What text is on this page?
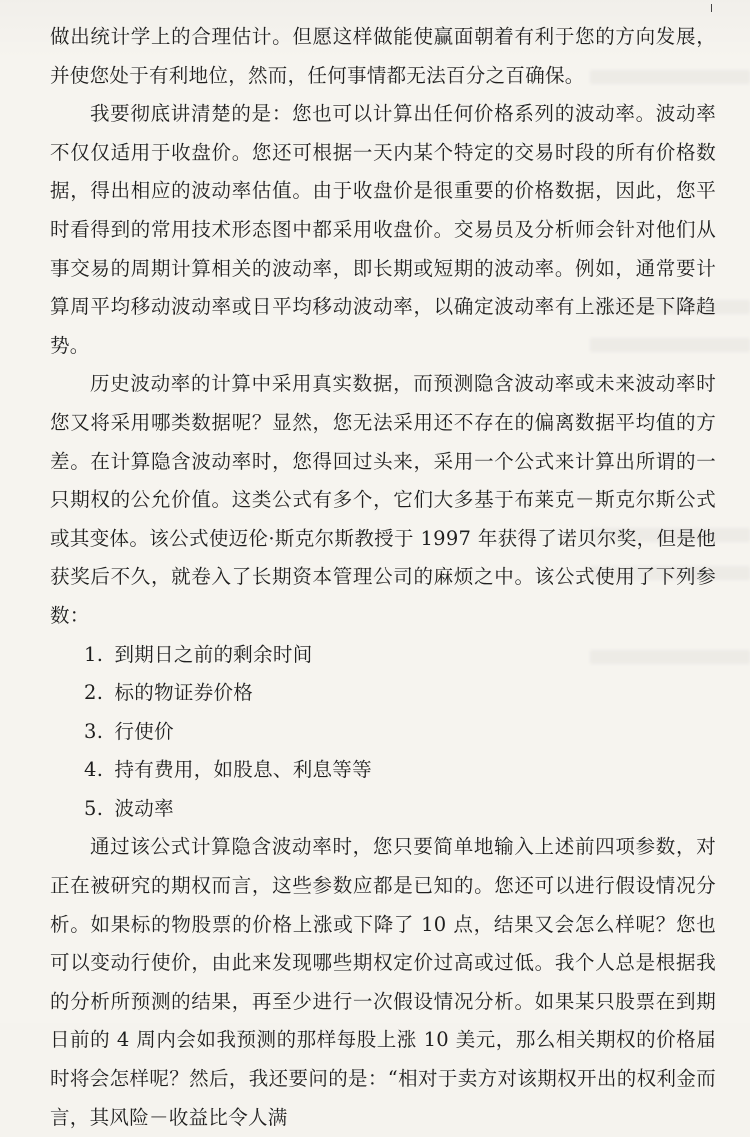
做出统计学上的合理估计。但愿这样做能使赢面朝着有利于您的方向发展，并使您处于有利地位，然而，任何事情都无法百分之百确保。

我要彻底讲清楚的是：您也可以计算出任何价格系列的波动率。波动率不仅仅适用于收盘价。您还可根据一天内某个特定的交易时段的所有价格数据，得出相应的波动率估值。由于收盘价是很重要的价格数据，因此，您平时看得到的常用技术形态图中都采用收盘价。交易员及分析师会针对他们从事交易的周期计算相关的波动率，即长期或短期的波动率。例如，通常要计算周平均移动波动率或日平均移动波动率，以确定波动率有上涨还是下降趋势。

历史波动率的计算中采用真实数据，而预测隐含波动率或未来波动率时您又将采用哪类数据呢？显然，您无法采用还不存在的偏离数据平均值的方差。在计算隐含波动率时，您得回过头来，采用一个公式来计算出所谓的一只期权的公允价值。这类公式有多个，它们大多基于布莱克－斯克尔斯公式或其变体。该公式使迈伦·斯克尔斯教授于 1997 年获得了诺贝尔奖，但是他获奖后不久，就卷入了长期资本管理公司的麻烦之中。该公式使用了下列参数：

1. 到期日之前的剩余时间
2. 标的物证券价格
3. 行使价
4. 持有费用，如股息、利息等等
5. 波动率

通过该公式计算隐含波动率时，您只要简单地输入上述前四项参数，对正在被研究的期权而言，这些参数应都是已知的。您还可以进行假设情况分析。如果标的物股票的价格上涨或下降了 10 点，结果又会怎么样呢？您也可以变动行使价，由此来发现哪些期权定价过高或过低。我个人总是根据我的分析所预测的结果，再至少进行一次假设情况分析。如果某只股票在到期日前的 4 周内会如我预测的那样每股上涨 10 美元，那么相关期权的价格届时将会怎样呢？然后，我还要问的是：“相对于卖方对该期权开出的权利金而言，其风险－收益比令人满
